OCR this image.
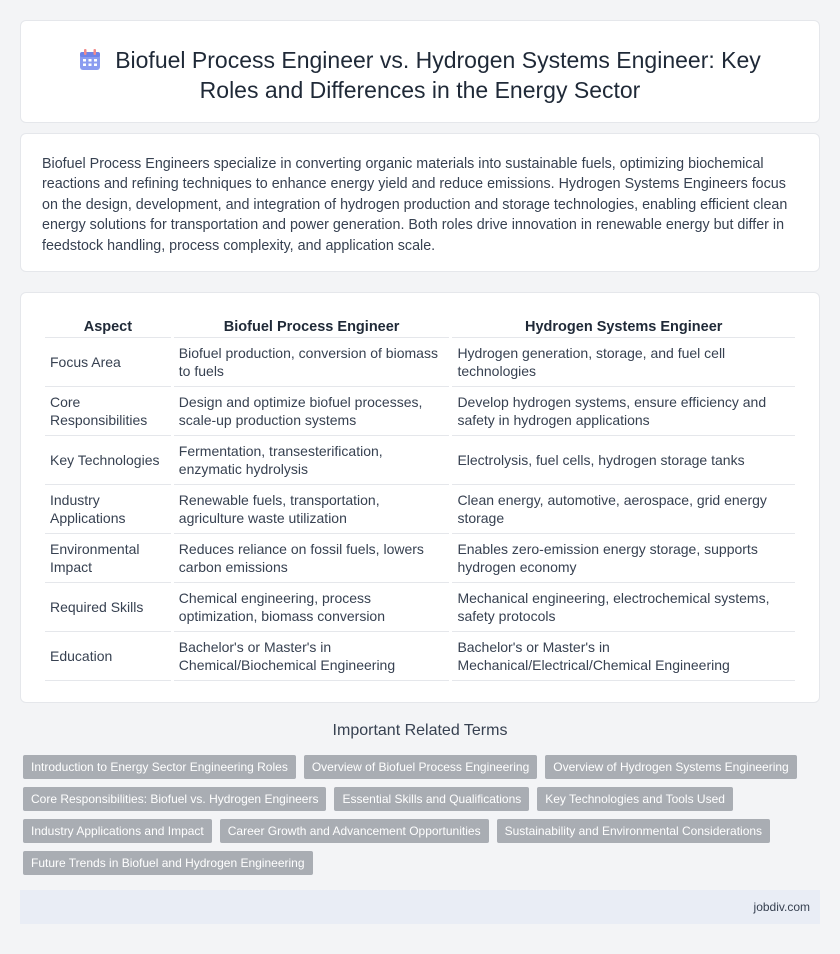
Biofuel Process Engineer vs. Hydrogen Systems Engineer: Key Roles and Differences in the Energy Sector

Biofuel Process Engineers specialize in converting organic materials into sustainable fuels, optimizing biochemical reactions and refining techniques to enhance energy yield and reduce emissions. Hydrogen Systems Engineers focus on the design, development, and integration of hydrogen production and storage technologies, enabling efficient clean energy solutions for transportation and power generation. Both roles drive innovation in renewable energy but differ in feedstock handling, process complexity, and application scale.

Aspect	Biofuel Process Engineer	Hydrogen Systems Engineer
Focus Area	Biofuel production, conversion of biomass to fuels	Hydrogen generation, storage, and fuel cell technologies
Core Responsibilities	Design and optimize biofuel processes, scale-up production systems	Develop hydrogen systems, ensure efficiency and safety in hydrogen applications
Key Technologies	Fermentation, transesterification, enzymatic hydrolysis	Electrolysis, fuel cells, hydrogen storage tanks
Industry Applications	Renewable fuels, transportation, agriculture waste utilization	Clean energy, automotive, aerospace, grid energy storage
Environmental Impact	Reduces reliance on fossil fuels, lowers carbon emissions	Enables zero-emission energy storage, supports hydrogen economy
Required Skills	Chemical engineering, process optimization, biomass conversion	Mechanical engineering, electrochemical systems, safety protocols
Education	Bachelor's or Master's in Chemical/Biochemical Engineering	Bachelor's or Master's in Mechanical/Electrical/Chemical Engineering
Important Related Terms
Introduction to Energy Sector Engineering Roles	Overview of Biofuel Process Engineering	Overview of Hydrogen Systems Engineering
Core Responsibilities: Biofuel vs. Hydrogen Engineers	Essential Skills and Qualifications	Key Technologies and Tools Used
Industry Applications and Impact	Career Growth and Advancement Opportunities	Sustainability and Environmental Considerations
Future Trends in Biofuel and Hydrogen Engineering
jobdiv.com
